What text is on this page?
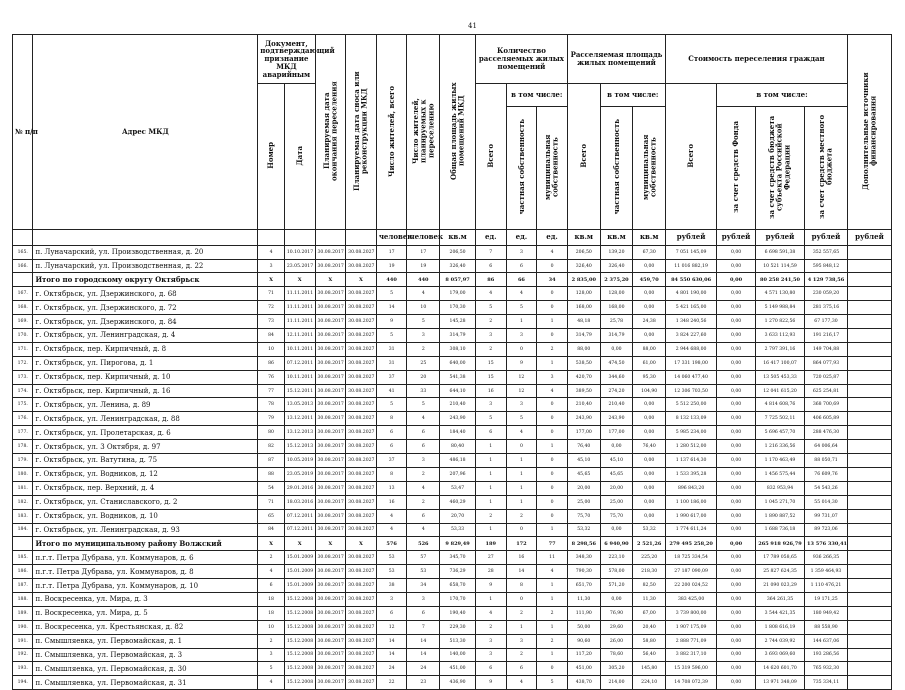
41
№ п/п	Адрес МКД	Документ, подтверждающий признание МКД аварийным		Планируемая дата окончания переселения	Планируемая дата сноса или реконструкции МКД	Число жителей, всего	Число жителей, планируемых к переселению	Общая площадь жилых помещений МКД	Количество расселяемых жилых помещений			Расселяемая площадь жилых помещений			Стоимость переселения граждан				Дополнительные источники финансирования
		Номер	Дата						Всего	в том числе:		Всего	в том числе:		Всего	в том числе:			
										частная собственность	муниципальная собственность		частная собственность	муниципальная собственность		за счет средств Фонда	за счет средств бюджета субъекта Российской Федерации	за счет средств местного бюджета	
						человек	человек	кв.м	ед.	ед.	ед.	кв.м	кв.м	кв.м	рублей	рублей	рублей	рублей	рублей
165.	п. Луначарский, ул. Производственная, д. 20	4	10.10.2017	30.08.2017	30.08.2027	17	17	206,50	7	3	4	206,50	139,20	67,30	7 051 145,09	0,00	6 698 591,38	352 557,65	
166.	п. Луначарский, ул. Производственная, д. 22	3	23.05.2017	30.08.2017	30.08.2027	19	19	326,40	6	6	0	326,40	326,40	0,00	11 016 882,19	0,00	10 521 114,59	595 848,12	
	Итого по городскому округу Октябрьск	X	X	X	X	440	440	8 057,97	86	66	34	2 835,00	2 375,20	459,70	84 550 630,06	0,00	80 258 241,50	4 129 738,56	
167.	г. Октябрьск, ул. Дзержинского, д. 68	71	11.11.2011	30.08.2017	30.08.2027	5	4	179,00	4	4	0	128,00	128,00	0,00	4 801 190,00	0,00	4 571 130,80	230 059,20	
168.	г. Октябрьск, ул. Дзержинского, д. 72	72	11.11.2011	30.08.2017	30.08.2027	14	10	170,30	5	5	0	168,00	168,00	0,00	5 421 165,00	0,00	5 149 988,84	281 375,16	
169.	г. Октябрьск, ул. Дзержинского, д. 84	73	11.11.2011	30.08.2017	30.08.2027	9	5	145,28	2	1	1	48,18	25,78	24,38	1 348 240,56	0,00	1 270 822,56	67 177,30	
170.	г. Октябрьск, ул. Ленинградская, д. 4	84	12.11.2011	30.08.2017	30.08.2027	5	3	314,79	3	3	0	314,79	314,79	0,00	3 824 227,60	0,00	3 633 112,93	191 216,17	
171.	г. Октябрьск, пер. Кирпичный, д. 8	10	10.11.2011	30.08.2017	30.08.2027	31	2	308,10	2	0	2	88,00	0,00	88,00	2 944 688,00	0,00	2 797 391,16	149 704,88	
172.	г. Октябрьск, ул. Пирогова, д. 1	86	07.12.2011	30.08.2017	30.08.2027	31	25	640,00	15	9	1	538,50	474,50	61,00	17 331 198,00	0,00	16 417 100,07	864 077,93	
173.	г. Октябрьск, пер. Кирпичный, д. 10	76	10.11.2011	30.08.2017	30.08.2027	37	20	541,38	15	12	3	420,70	344,60	95,30	14 060 477,40	0,00	13 505 453,33	720 025,87	
174.	г. Октябрьск, пер. Кирпичный, д. 16	77	15.12.2011	30.08.2017	30.08.2027	41	33	644,10	16	12	4	389,50	274,20	104,90	12 306 703,50	0,00	12 041 615,20	625 254,81	
175.	г. Октябрьск, ул. Ленина, д. 89	78	13.05.2013	30.08.2017	30.08.2027	5	5	210,40	3	3	0	210,40	210,40	0,00	5 512 250,00	0,00	4 814 608,76	368 700,69	
176.	г. Октябрьск, ул. Ленинградская, д. 88	79	13.12.2011	30.08.2017	30.08.2027	8	4	243,90	5	5	0	243,90	243,90	0,00	8 132 133,09	0,00	7 725 502,11	406 605,89	
177.	г. Октябрьск, ул. Пролетарская, д. 6	80	13.12.2013	30.08.2017	30.08.2027	6	6	184,40	6	4	0	177,00	177,00	0,00	5 985 234,00	0,00	5 696 457,70	288 476,30	
178.	г. Октябрьск, ул. 3 Октября, д. 97	82	15.12.2013	30.08.2017	30.08.2027	6	6	80,40	1	0	1	76,40	0,00	76,40	1 280 512,00	0,00	1 216 336,56	64 006,64	
179.	г. Октябрьск, ул. Ватутина, д. 75	87	10.05.2019	30.08.2017	30.08.2027	37	3	486,18	1	1	0	45,10	45,10	0,00	1 137 614,30	0,00	1 170 463,49	88 050,71	
180.	г. Октябрьск, ул. Водников, д. 12	88	23.05.2019	30.08.2017	30.08.2027	8	2	207,96	1	1	0	45,65	45,65	0,00	1 533 395,28	0,00	1 456 575,44	76 609,76	
181.	г. Октябрьск, пер. Верхний, д. 4	54	29.01.2016	30.08.2017	30.08.2027	13	4	53,47	1	1	0	20,00	20,00	0,00	896 843,20	0,00	832 953,94	54 543,26	
182.	г. Октябрьск, ул. Станиславского, д. 2	71	18.03.2016	30.08.2017	30.08.2027	16	2	460,29	1	1	0	25,00	25,00	0,00	1 100 186,00	0,00	1 045 271,70	55 014,30	
183.	г. Октябрьск, ул. Водников, д. 10	65	07.12.2011	30.08.2017	30.08.2027	4	6	20,70	2	2	0	75,70	75,70	0,00	1 990 617,00	0,00	1 890 887,52	99 731,07	
184.	г. Октябрьск, ул. Ленинградская, д. 93	84	07.12.2011	30.08.2017	30.08.2027	4	4	53,33	1	0	1	53,32	0,00	53,32	1 774 611,24	0,00	1 688 736,18	89 723,06	
	Итого по муниципальному району Волжский	X	X	X	X	576	526	9 829,49	189	172	77	8 298,56	6 940,90	2 521,26	279 495 258,20	0,00	265 918 926,79	13 576 330,41	
185.	п.г.т. Петра Дубрава, ул. Коммунаров, д. 6	2	15.01.2009	30.08.2017	30.08.2027	53	57	345,70	27	16	11	348,30	223,10	225,20	18 725 334,54	0,00	17 789 058,65	936 266,35	
186.	п.г.т. Петра Дубрава, ул. Коммунаров, д. 8	4	15.01.2009	30.08.2017	30.08.2027	53	53	736,29	28	14	4	790,30	578,00	218,30	27 187 090,09	0,00	25 827 624,35	1 359 464,93	
187.	п.г.т. Петра Дубрава, ул. Коммунаров, д. 10	6	15.01.2009	30.08.2017	30.08.2027	38	34	658,70	9	8	1	651,70	571,20	82,50	22 200 024,52	0,00	21 090 023,29	1 110 476,21	
188.	п. Воскресенка, ул. Мира, д. 3	18	15.12.2008	30.08.2017	30.08.2027	3	3	170,70	1	0	1	11,30	0,00	11,30	383 425,00	0,00	364 261,35	19 171,25	
189.	п. Воскресенка, ул. Мира, д. 5	18	15.12.2008	30.08.2017	30.08.2027	6	6	190,40	4	2	2	111,90	76,90	67,00	3 739 800,00	0,00	3 544 421,35	180 949,42	
190.	п. Воскресенка, ул. Крестьянская, д. 82	10	15.12.2008	30.08.2017	30.08.2027	12	7	229,30	2	1	1	50,00	29,60	20,40	1 907 175,09	0,00	1 808 616,19	88 558,90	
191.	п. Смышляевка, ул. Первомайская, д. 1	2	15.12.2008	30.08.2017	30.08.2027	14	14	513,30	3	3	2	90,60	26,00	58,80	2 888 771,09	0,00	2 744 039,92	144 637,06	
192.	п. Смышляевка, ул. Первомайская, д. 3	3	15.12.2008	30.08.2017	30.08.2027	14	14	140,00	3	2	1	117,20	78,60	56,40	3 882 317,10	0,00	3 693 069,60	193 286,56	
193.	п. Смышляевка, ул. Первомайская, д. 30	5	15.12.2008	30.08.2017	30.08.2027	24	24	451,00	6	6	0	451,00	305,20	145,80	15 319 596,00	0,00	14 620 601,70	765 932,30	
194.	п. Смышляевка, ул. Первомайская, д. 31	4	15.12.2008	30.08.2017	30.08.2027	22	23	436,90	9	4	5	438,70	214,00	224,10	14 708 072,39	0,00	13 971 348,09	735 334,11	
